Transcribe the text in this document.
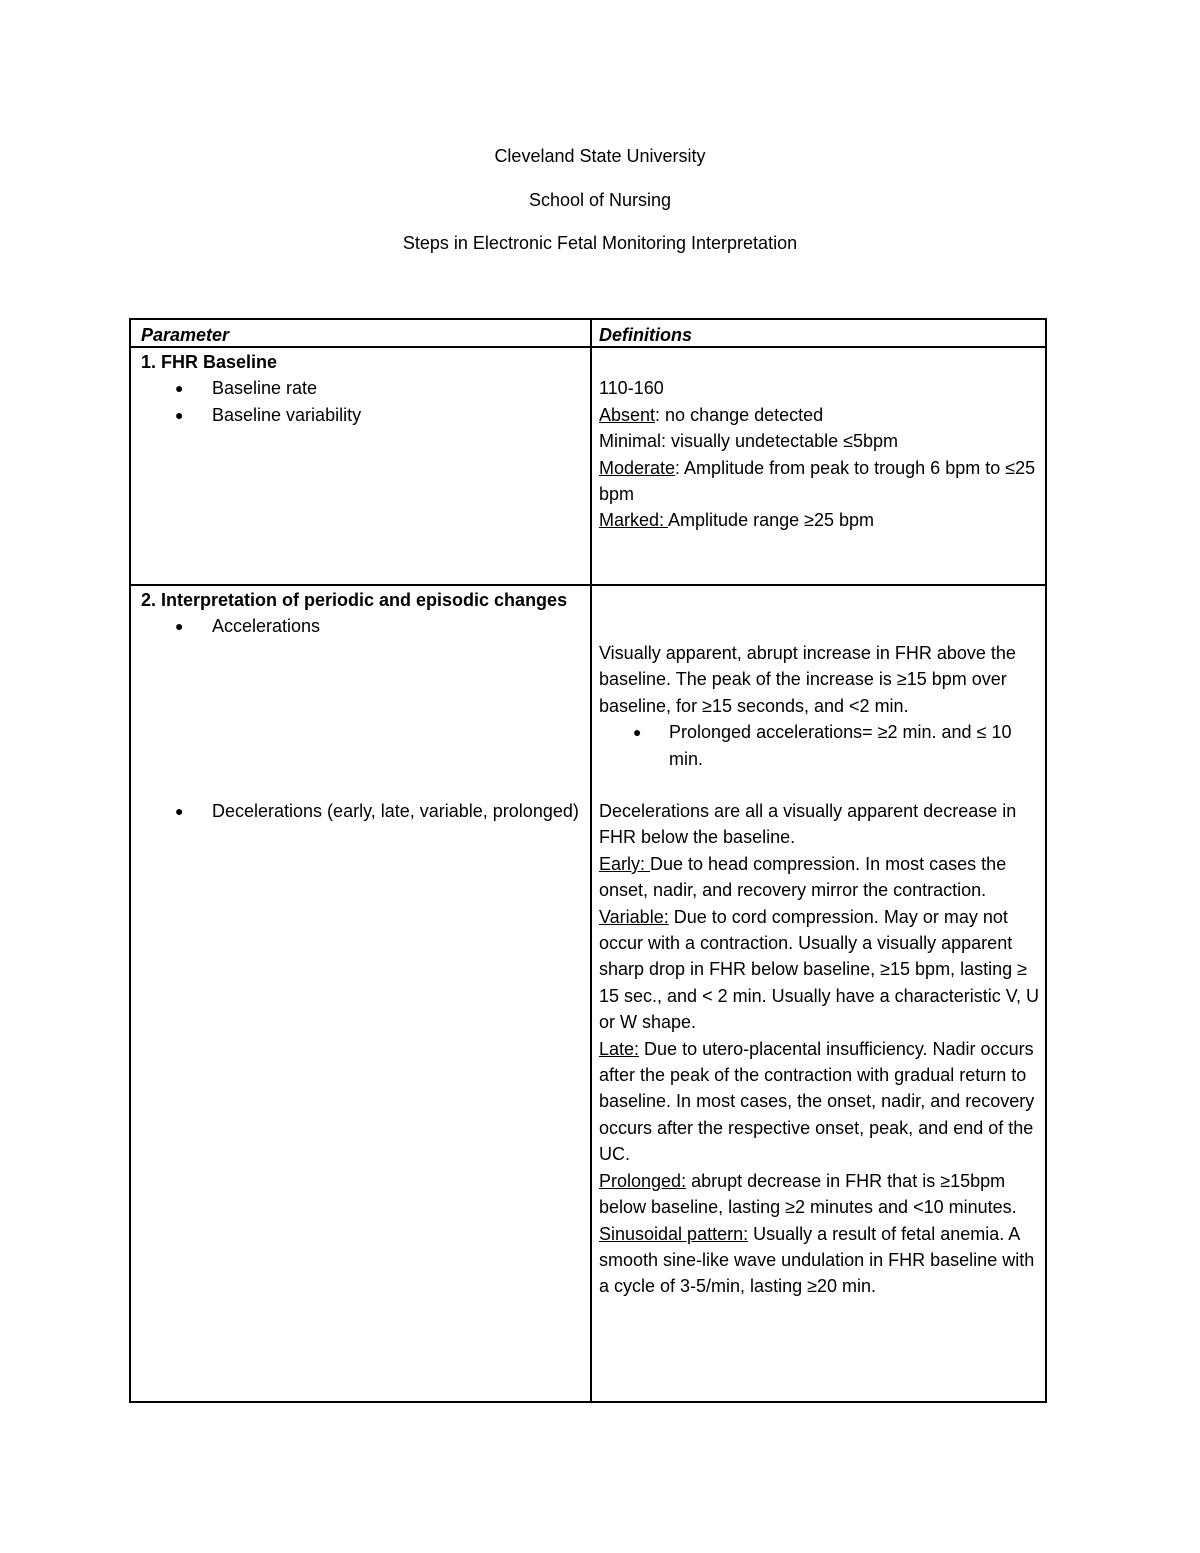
Cleveland State University
School of Nursing
Steps in Electronic Fetal Monitoring Interpretation
Parameter	Definitions

1. FHR Baseline

● Baseline rate
● Baseline variability

110-160

Absent: no change detected

Minimal: visually undetectable ≤5bpm

Moderate: Amplitude from peak to trough 6 bpm to ≤25 bpm

Marked: Amplitude range ≥25 bpm

2. Interpretation of periodic and episodic changes

● Accelerations
● Decelerations (early, late, variable, prolonged)

Visually apparent, abrupt increase in FHR above the baseline. The peak of the increase is ≥15 bpm over baseline, for ≥15 seconds, and <2 min.

● Prolonged accelerations= ≥2 min. and ≤ 10 min.

Decelerations are all a visually apparent decrease in FHR below the baseline.

Early: Due to head compression. In most cases the onset, nadir, and recovery mirror the contraction.

Variable: Due to cord compression. May or may not occur with a contraction. Usually a visually apparent sharp drop in FHR below baseline, ≥15 bpm, lasting ≥ 15 sec., and < 2 min. Usually have a characteristic V, U or W shape.

Late: Due to utero-placental insufficiency. Nadir occurs after the peak of the contraction with gradual return to baseline. In most cases, the onset, nadir, and recovery occurs after the respective onset, peak, and end of the UC.

Prolonged: abrupt decrease in FHR that is ≥15bpm below baseline, lasting ≥2 minutes and <10 minutes.

Sinusoidal pattern: Usually a result of fetal anemia. A smooth sine-like wave undulation in FHR baseline with a cycle of 3-5/min, lasting ≥20 min.
